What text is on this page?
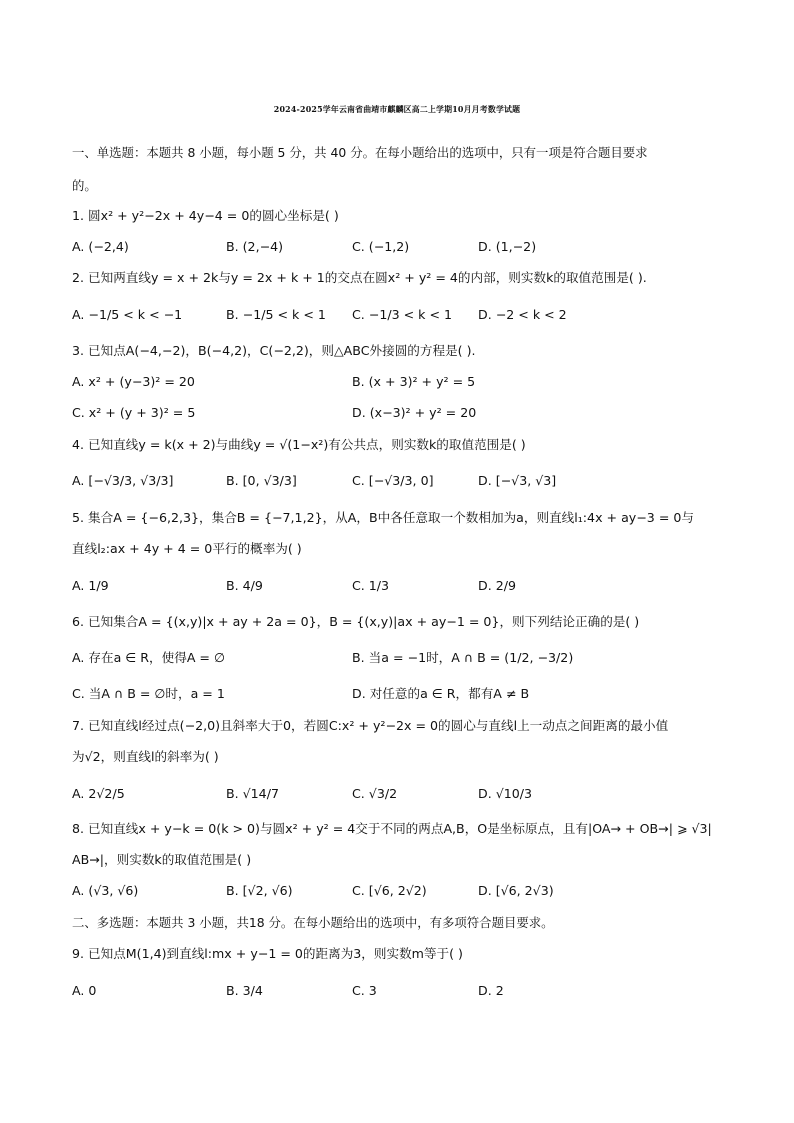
2024-2025学年云南省曲靖市麒麟区高二上学期10月月考数学试题
一、单选题：本题共 8 小题，每小题 5 分，共 40 分。在每小题给出的选项中，只有一项是符合题目要求
的。
1. 圆x² + y²−2x + 4y−4 = 0的圆心坐标是( )
A. (−2,4)	B. (2,−4)	C. (−1,2)	D. (1,−2)
2. 已知两直线y = x + 2k与y = 2x + k + 1的交点在圆x² + y² = 4的内部，则实数k的取值范围是( ).
A. −1/5 < k < −1	B. −1/5 < k < 1 C. −1/3 < k < 1 D. −2 < k < 2
3. 已知点A(−4,−2)，B(−4,2)，C(−2,2)，则△ABC外接圆的方程是( ).
A. x² + (y−3)² = 20	B. (x + 3)² + y² = 5
C. x² + (y + 3)² = 5	D. (x−3)² + y² = 20
4. 已知直线y = k(x + 2)与曲线y = √(1−x²)有公共点，则实数k的取值范围是( )
A. [−√3/3, √3/3]	B. [0, √3/3]	C. [−√3/3, 0]	D. [−√3, √3]
5. 集合A = {−6,2,3}，集合B = {−7,1,2}，从A，B中各任意取一个数相加为a，则直线l₁:4x + ay−3 = 0与
直线l₂:ax + 4y + 4 = 0平行的概率为( )
A. 1/9	B. 4/9	C. 1/3	D. 2/9
6. 已知集合A = {(x,y)|x + ay + 2a = 0}，B = {(x,y)|ax + ay−1 = 0}，则下列结论正确的是( )
A. 存在a ∈ R，使得A = ∅	B. 当a = −1时，A ∩ B = (1/2, −3/2)
C. 当A ∩ B = ∅时，a = 1	D. 对任意的a ∈ R，都有A ≠ B
7. 已知直线l经过点(−2,0)且斜率大于0，若圆C:x² + y²−2x = 0的圆心与直线l上一动点之间距离的最小值
为√2，则直线l的斜率为( )
A. 2√2/5	B. √14/7	C. √3/2	D. √10/3
8. 已知直线x + y−k = 0(k > 0)与圆x² + y² = 4交于不同的两点A,B，O是坐标原点，且有|OA→ + OB→| ⩾ √3|
AB→|，则实数k的取值范围是( )
A. (√3, √6)	B. [√2, √6)	C. [√6, 2√2)	D. [√6, 2√3)
二、多选题：本题共 3 小题，共18 分。在每小题给出的选项中，有多项符合题目要求。
9. 已知点M(1,4)到直线l:mx + y−1 = 0的距离为3，则实数m等于( )
A. 0	B. 3/4	C. 3	D. 2
